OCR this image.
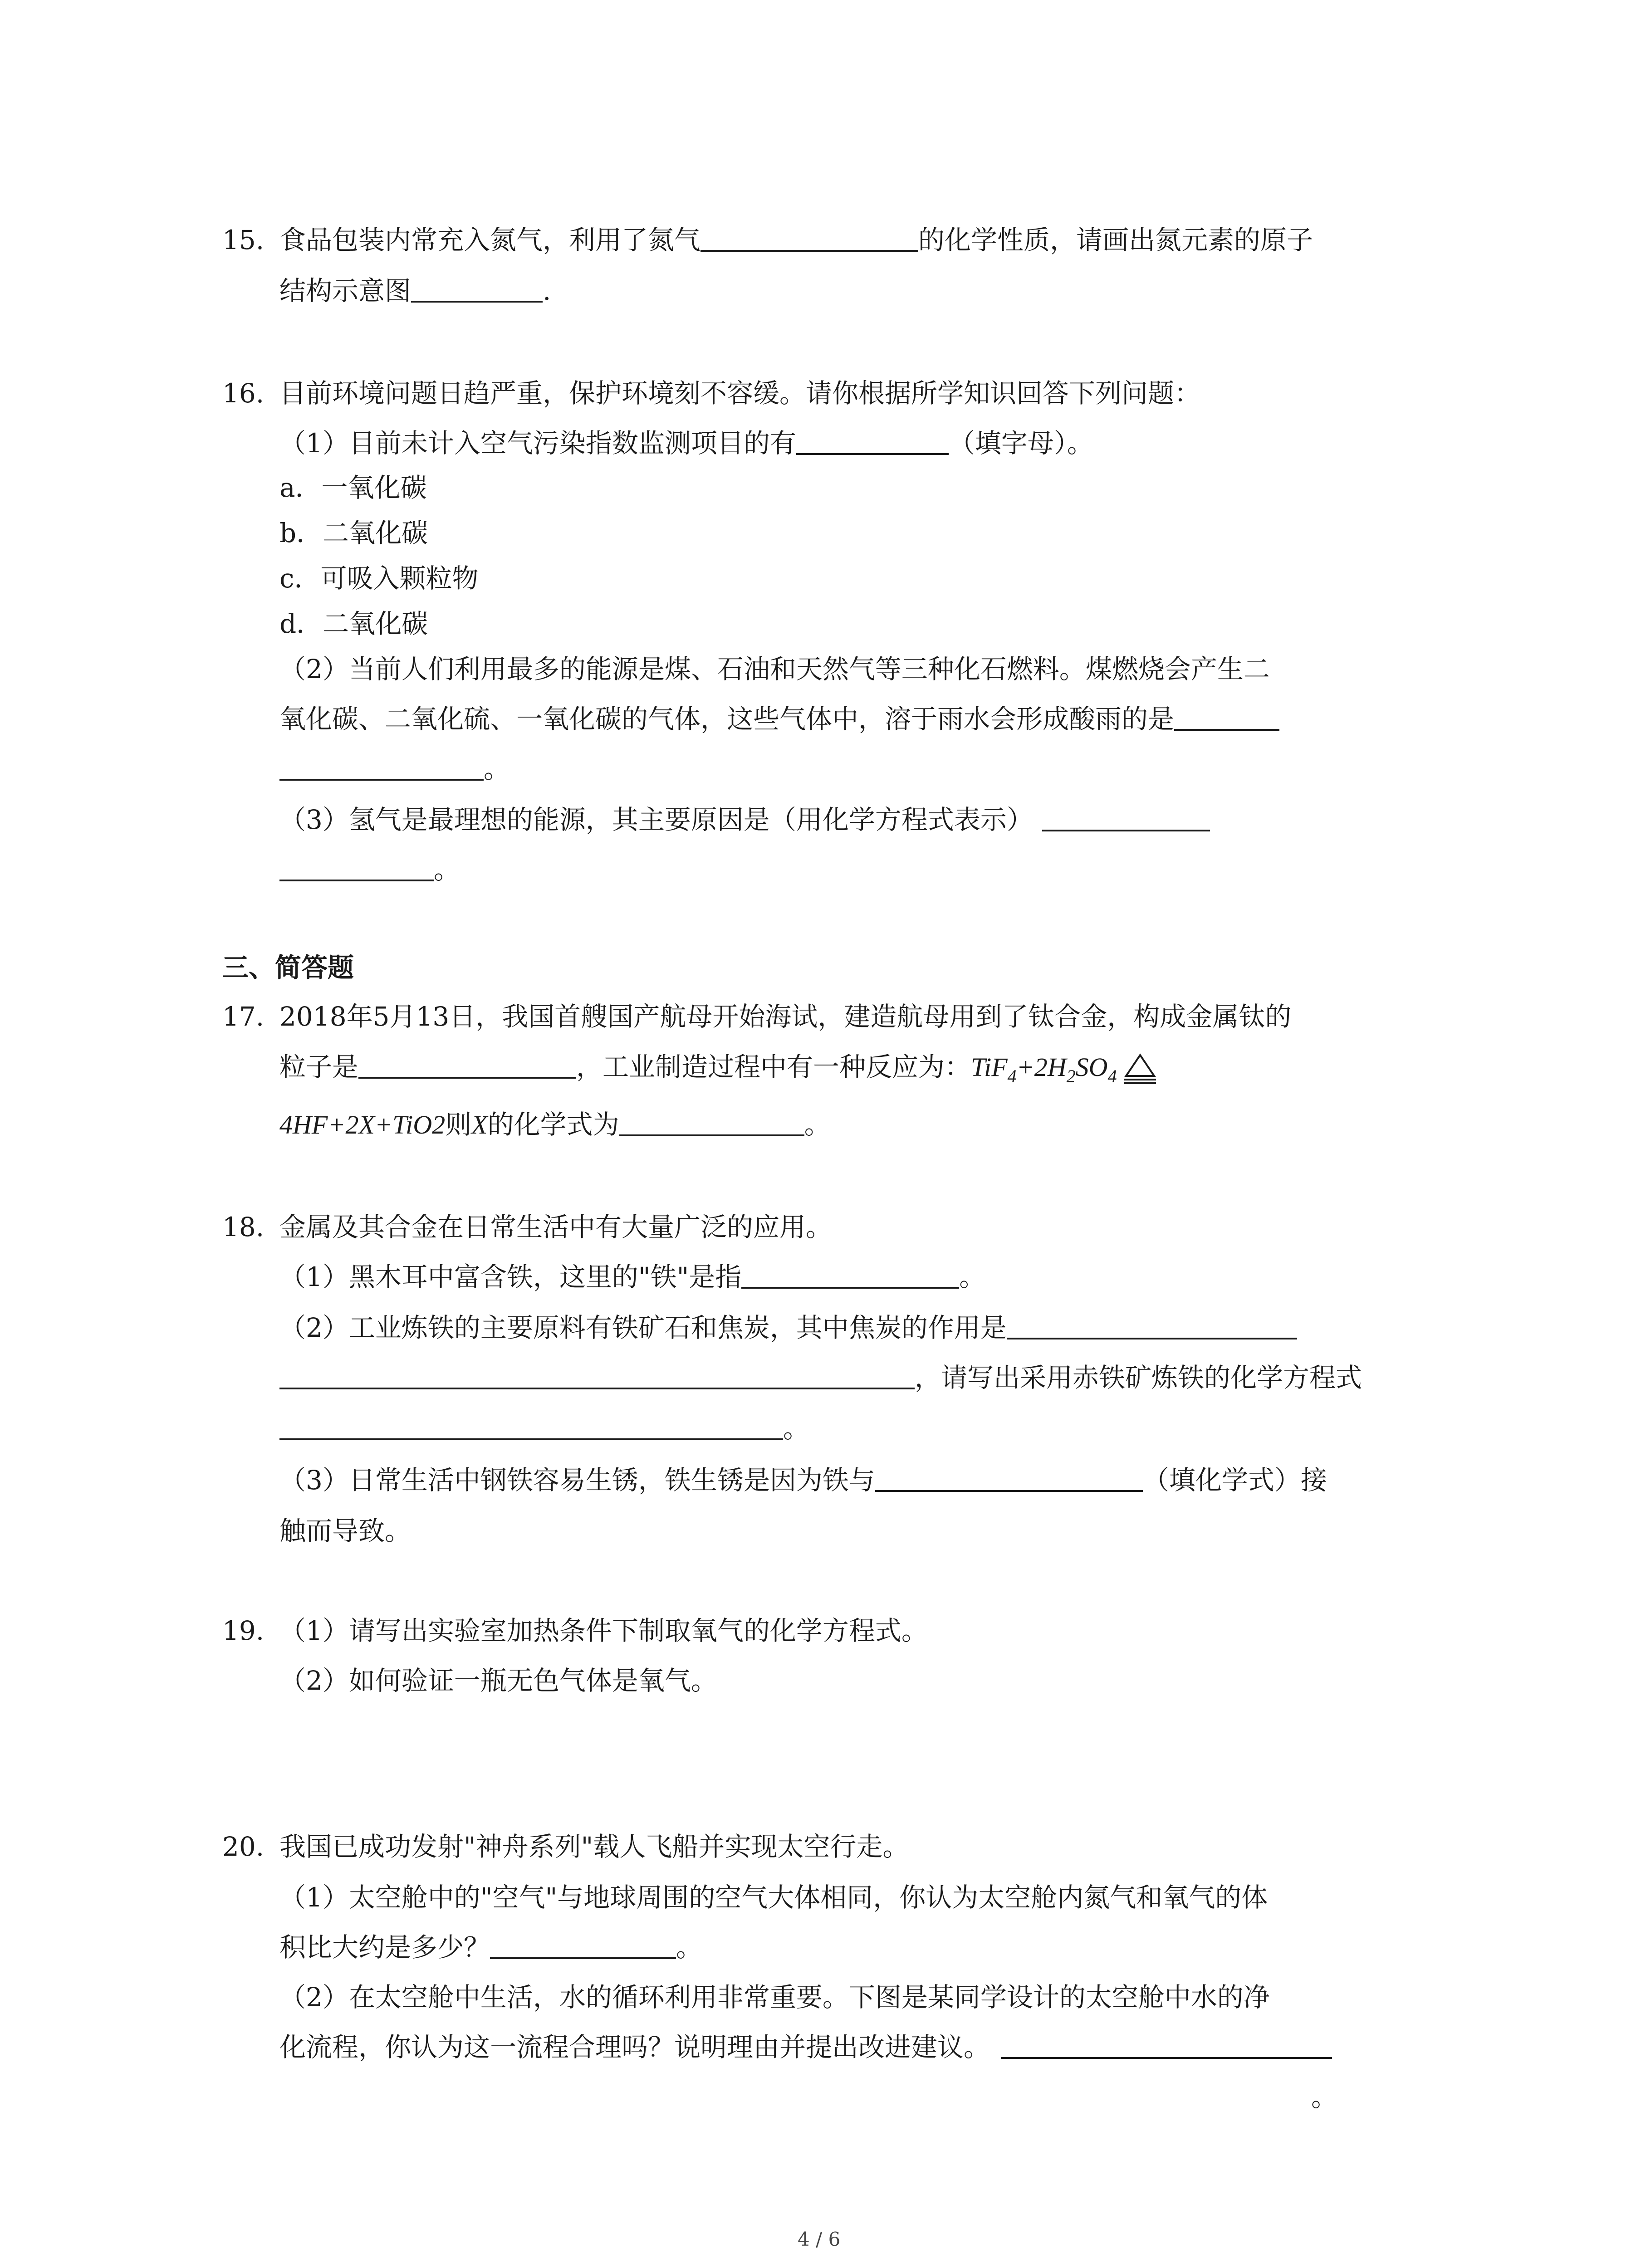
15. 食品包装内常充入氮气，利用了氮气	的化学性质，请画出氮元素的原子
结构示意图	.
16. 目前环境问题日趋严重，保护环境刻不容缓。请你根据所学知识回答下列问题：
（1）目前未计入空气污染指数监测项目的有	（填字母）。
a．一氧化碳
b．二氧化碳
c．可吸入颗粒物
d．二氧化碳
（2）当前人们利用最多的能源是煤、石油和天然气等三种化石燃料。煤燃烧会产生二
氧化碳、二氧化硫、一氧化碳的气体，这些气体中，溶于雨水会形成酸雨的是
。
（3）氢气是最理想的能源，其主要原因是（用化学方程式表示）
。
三、简答题
17. 2018年5月13日，我国首艘国产航母开始海试，建造航母用到了钛合金，构成金属钛的
粒子是	，工业制造过程中有一种反应为：$TiF_4+2H_2SO_4$
4HF+2X+TiO2则X的化学式为	。
18. 金属及其合金在日常生活中有大量广泛的应用。
（1）黑木耳中富含铁，这里的"铁"是指	。
（2）工业炼铁的主要原料有铁矿石和焦炭，其中焦炭的作用是
，请写出采用赤铁矿炼铁的化学方程式
。
（3）日常生活中钢铁容易生锈，铁生锈是因为铁与	（填化学式）接
触而导致。
19. （1）请写出实验室加热条件下制取氧气的化学方程式。
（2）如何验证一瓶无色气体是氧气。
20. 我国已成功发射"神舟系列"载人飞船并实现太空行走。
（1）太空舱中的"空气"与地球周围的空气大体相同，你认为太空舱内氮气和氧气的体
积比大约是多少？	。
（2）在太空舱中生活，水的循环利用非常重要。下图是某同学设计的太空舱中水的净
化流程，你认为这一流程合理吗？说明理由并提出改进建议。
。
4 / 6
